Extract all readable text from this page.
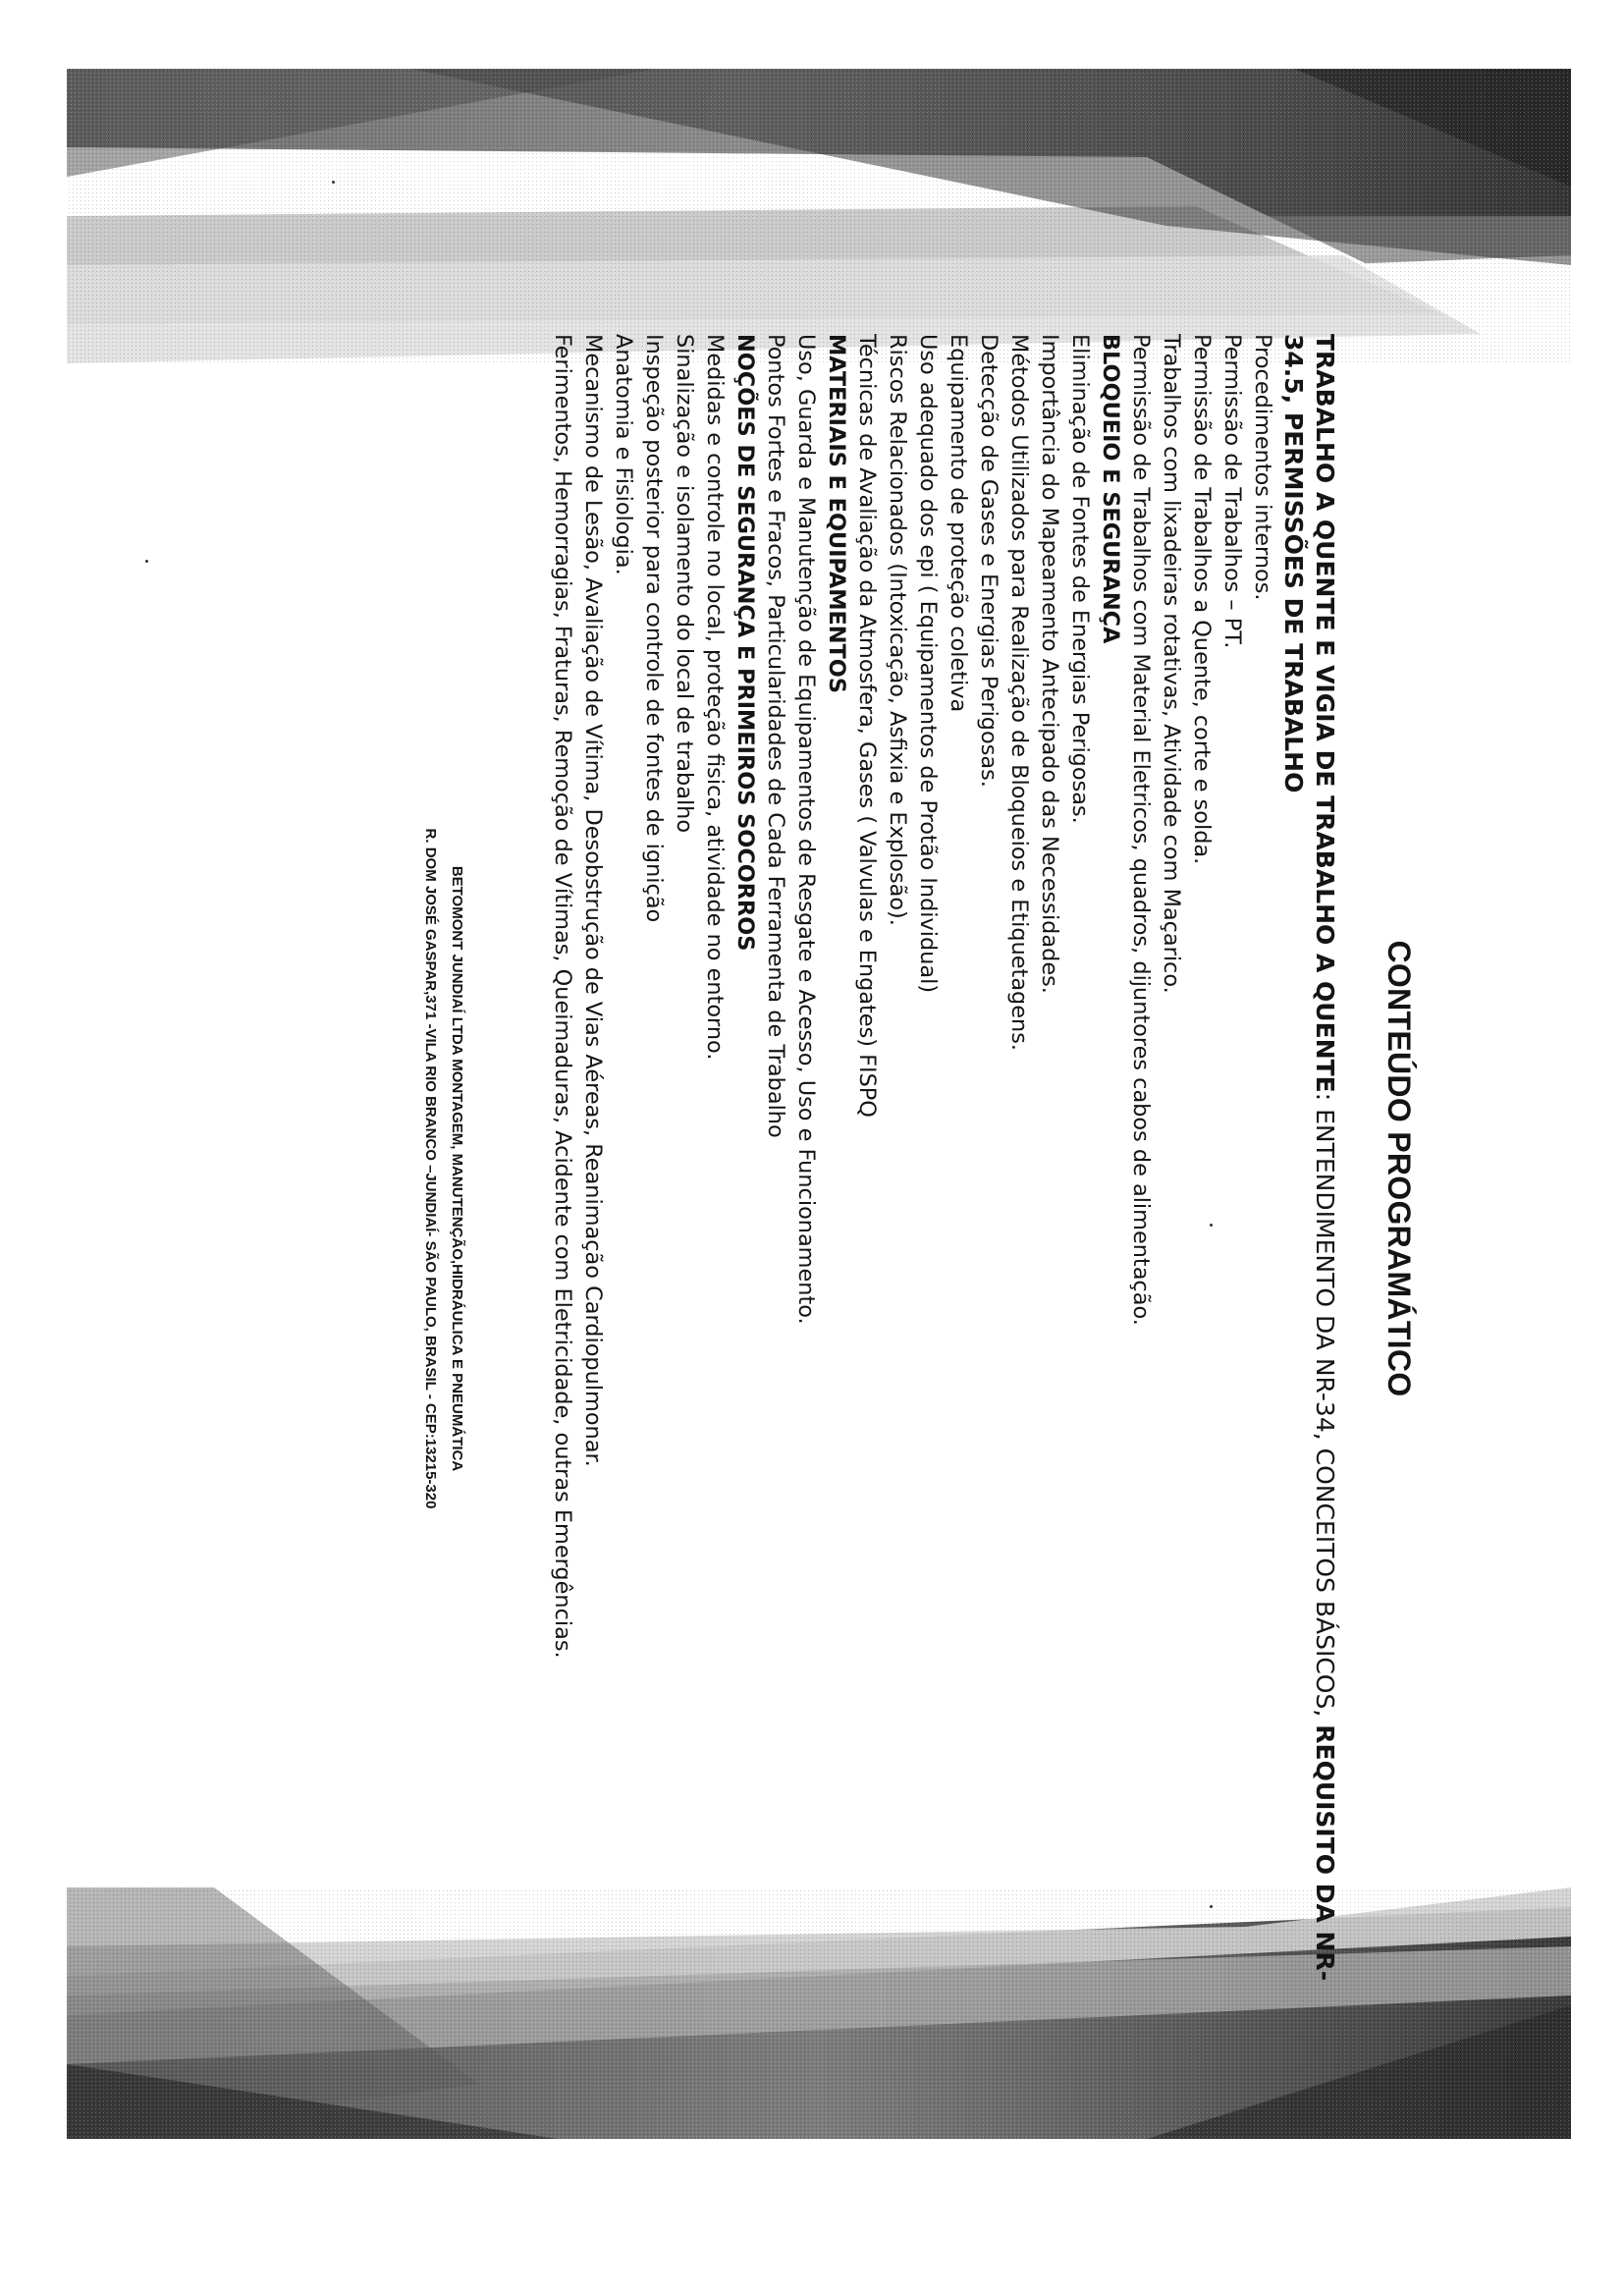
CONTEÚDO PROGRAMÁTICO

TRABALHO A QUENTE E VIGIA DE TRABALHO A QUENTE: ENTENDIMENTO DA NR-34, CONCEITOS BÁSICOS, REQUISITO DA NR-

34.5, PERMISSÕES DE TRABALHO

Procedimentos internos.

Permissão de Trabalhos – PT.

Permissão de Trabalhos a Quente, corte e solda.

Trabalhos com lixadeiras rotativas, Atividade com Maçarico.

Permissão de Trabalhos com Material Eletricos, quadros, dijuntores cabos de alimentação.

BLOQUEIO E SEGURANÇA

Eliminação de Fontes de Energias Perigosas.

Importância do Mapeamento Antecipado das Necessidades.

Métodos Utilizados para Realização de Bloqueios e Etiquetagens.

Detecção de Gases e Energias Perigosas.

Equipamento de proteção coletiva

Uso adequado dos epi ( Equipamentos de Protão Individual)

Riscos Relacionados (Intoxicação, Asfixia e Explosão).

Técnicas de Avaliação da Atmosfera, Gases ( Valvulas e Engates) FISPQ

MATERIAIS E EQUIPAMENTOS

Uso, Guarda e Manutenção de Equipamentos de Resgate e Acesso, Uso e Funcionamento.

Pontos Fortes e Fracos, Particularidades de Cada Ferramenta de Trabalho

NOÇÕES DE SEGURANÇA E PRIMEIROS SOCORROS

Medidas e controle no local, proteção fisica, atividade no entorno.

Sinalização e isolamento do local de trabalho

Inspeção posterior para controle de fontes de ignição

Anatomia e Fisiologia.

Mecanismo de Lesão, Avaliação de Vítima, Desobstrução de Vias Aéreas, Reanimação Cardiopulmonar.

Ferimentos, Hemorragias, Fraturas, Remoção de Vítimas, Queimaduras, Acidente com Eletricidade, outras Emergências.

BETOMONT JUNDIAÍ LTDA MONTAGEM, MANUTENÇÃO,HIDRÁULICA E PNEUMÁTICA

R. DOM JOSÉ GASPAR,371 -VILA RIO BRANCO –JUNDIAÍ- SÃO PAULO, BRASIL - CEP:13215-320
